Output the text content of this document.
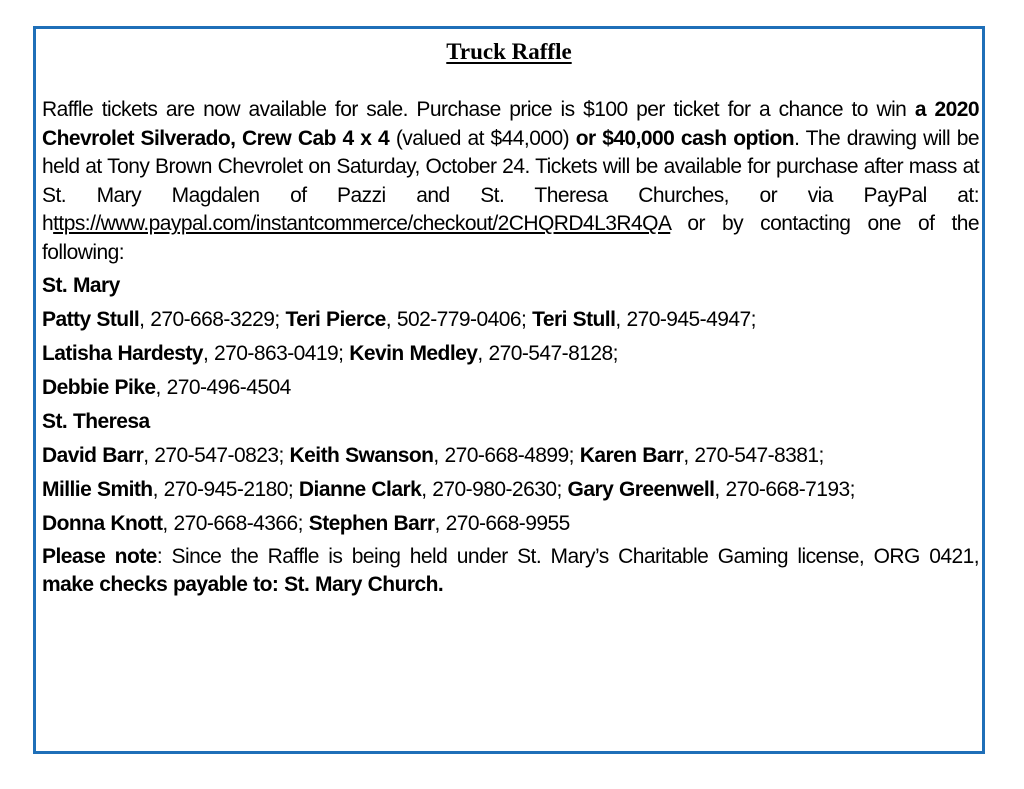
Truck Raffle

Raffle tickets are now available for sale. Purchase price is $100 per ticket for a chance to win a 2020 Chevrolet Silverado, Crew Cab 4 x 4 (valued at $44,000) or $40,000 cash option. The drawing will be held at Tony Brown Chevrolet on Saturday, October 24. Tickets will be available for purchase after mass at St. Mary Magdalen of Pazzi and St. Theresa Churches, or via PayPal at: https://www.paypal.com/instantcommerce/checkout/2CHQRD4L3R4QA or by contacting one of the following:

St. Mary
Patty Stull, 270-668-3229; Teri Pierce, 502-779-0406; Teri Stull, 270-945-4947;
Latisha Hardesty, 270-863-0419; Kevin Medley, 270-547-8128;
Debbie Pike, 270-496-4504
St. Theresa
David Barr, 270-547-0823; Keith Swanson, 270-668-4899; Karen Barr, 270-547-8381;
Millie Smith, 270-945-2180; Dianne Clark, 270-980-2630; Gary Greenwell, 270-668-7193;
Donna Knott, 270-668-4366; Stephen Barr, 270-668-9955

Please note: Since the Raffle is being held under St. Mary’s Charitable Gaming license, ORG 0421, make checks payable to: St. Mary Church.
